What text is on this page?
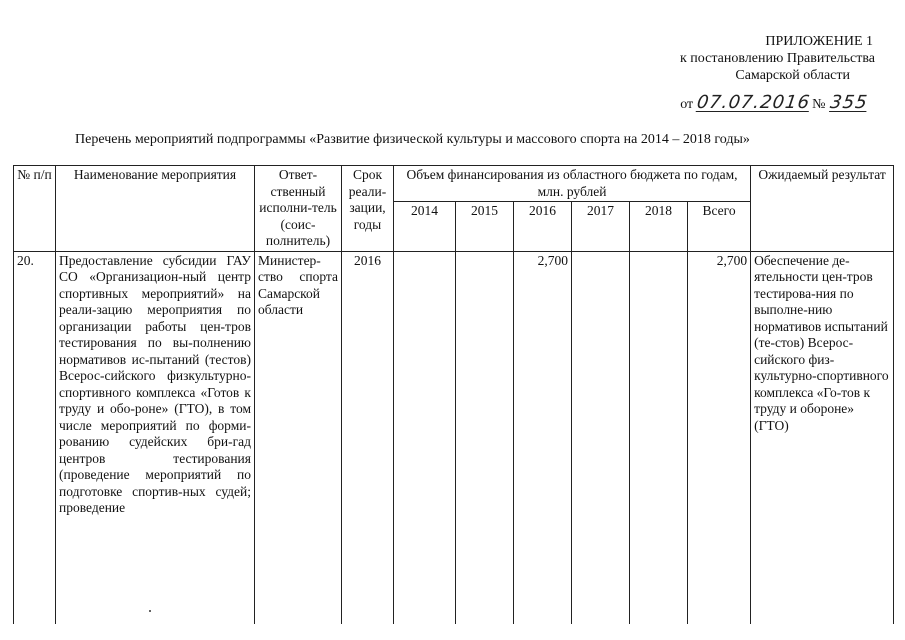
ПРИЛОЖЕНИЕ 1
к постановлению Правительства
Самарской области
от 07.07.2016 № 355
Перечень мероприятий подпрограммы «Развитие физической культуры и массового спорта на 2014 – 2018 годы»
№ п/п	Наименование мероприятия	Ответ-ственный исполни-тель (соис-полнитель)	Срок реали-зации, годы	Объем финансирования из областного бюджета по годам, млн. рублей						Ожидаемый результат
				2014	2015	2016	2017	2018	Всего	
20.	Предоставление субсидии ГАУ СО «Организацион-ный центр спортивных мероприятий» на реали-зацию мероприятия по организации работы цен-тров тестирования по вы-полнению нормативов ис-пытаний (тестов) Всерос-сийского физкультурно-спортивного комплекса «Готов к труду и обо-роне» (ГТО), в том числе мероприятий по форми-рованию судейских бри-гад центров тестирования (проведение мероприятий по подготовке спортив-ных судей; проведение	Министер-ство спорта Самарской области	2016			2,700			2,700	Обеспечение де-ятельности цен-тров тестирова-ния по выполне-нию нормативов испытаний (те-стов) Всерос-сийского физ-культурно-спортивного комплекса «Го-тов к труду и обороне» (ГТО)
